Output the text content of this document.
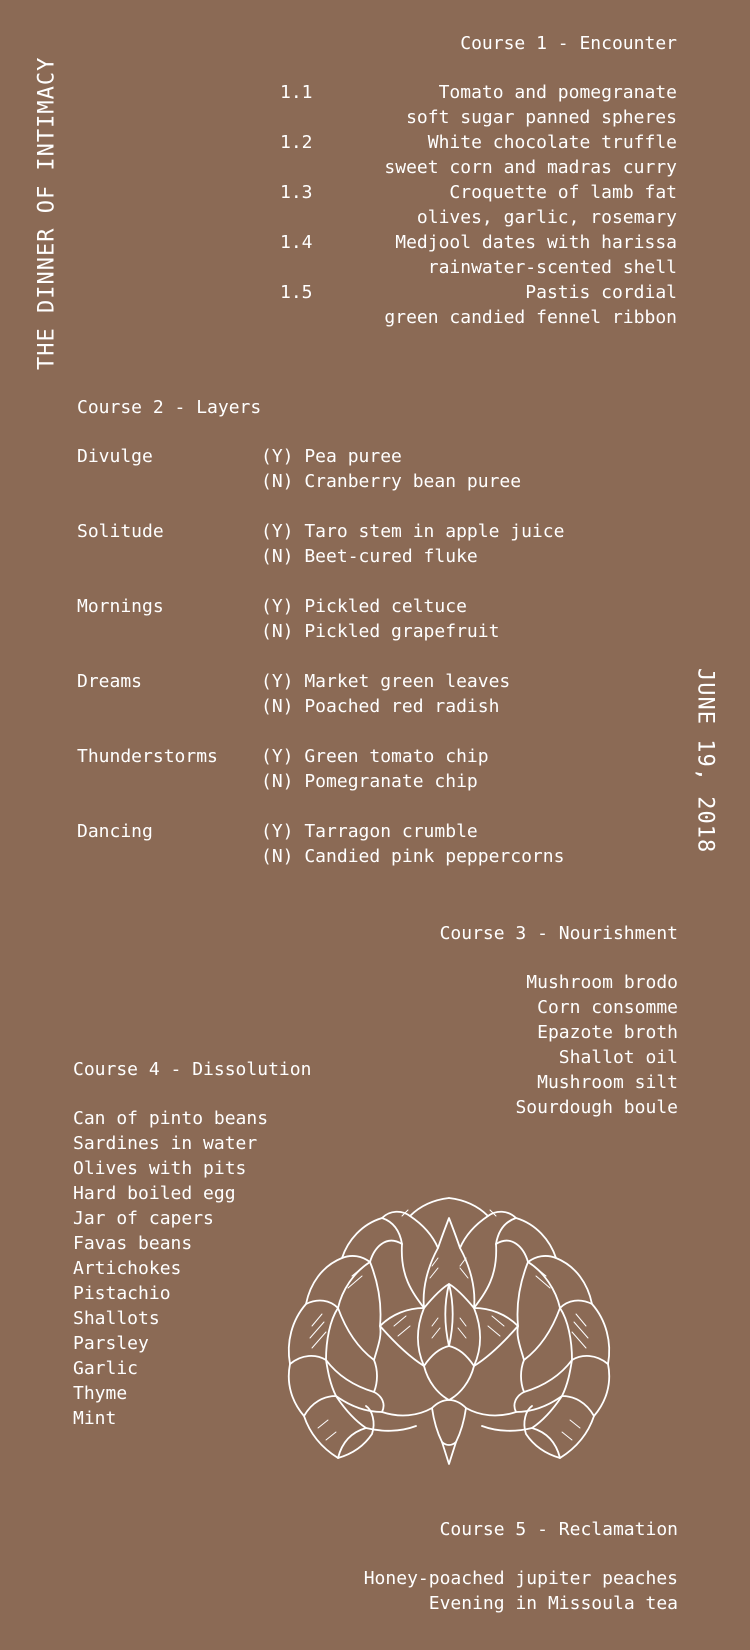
THE DINNER OF INTIMACY
JUNE 19, 2018
Course 1 - Encounter
1.1	Tomato and pomegranate
soft sugar panned spheres
1.2	White chocolate truffle
sweet corn and madras curry
1.3	Croquette of lamb fat
olives, garlic, rosemary
1.4	Medjool dates with harissa
rainwater-scented shell
1.5	Pastis cordial
green candied fennel ribbon
Course 2 - Layers
Divulge	(Y) Pea puree
(N) Cranberry bean puree
Solitude	(Y) Taro stem in apple juice
(N) Beet-cured fluke
Mornings	(Y) Pickled celtuce
(N) Pickled grapefruit
Dreams	(Y) Market green leaves
(N) Poached red radish
Thunderstorms	(Y) Green tomato chip
(N) Pomegranate chip
Dancing	(Y) Tarragon crumble
(N) Candied pink peppercorns
Course 3 - Nourishment
Mushroom brodo
Corn consomme
Epazote broth
Shallot oil
Mushroom silt
Sourdough boule
Course 4 - Dissolution
Can of pinto beans
Sardines in water
Olives with pits
Hard boiled egg
Jar of capers
Favas beans
Artichokes
Pistachio
Shallots
Parsley
Garlic
Thyme
Mint
Course 5 - Reclamation
Honey-poached jupiter peaches
Evening in Missoula tea
